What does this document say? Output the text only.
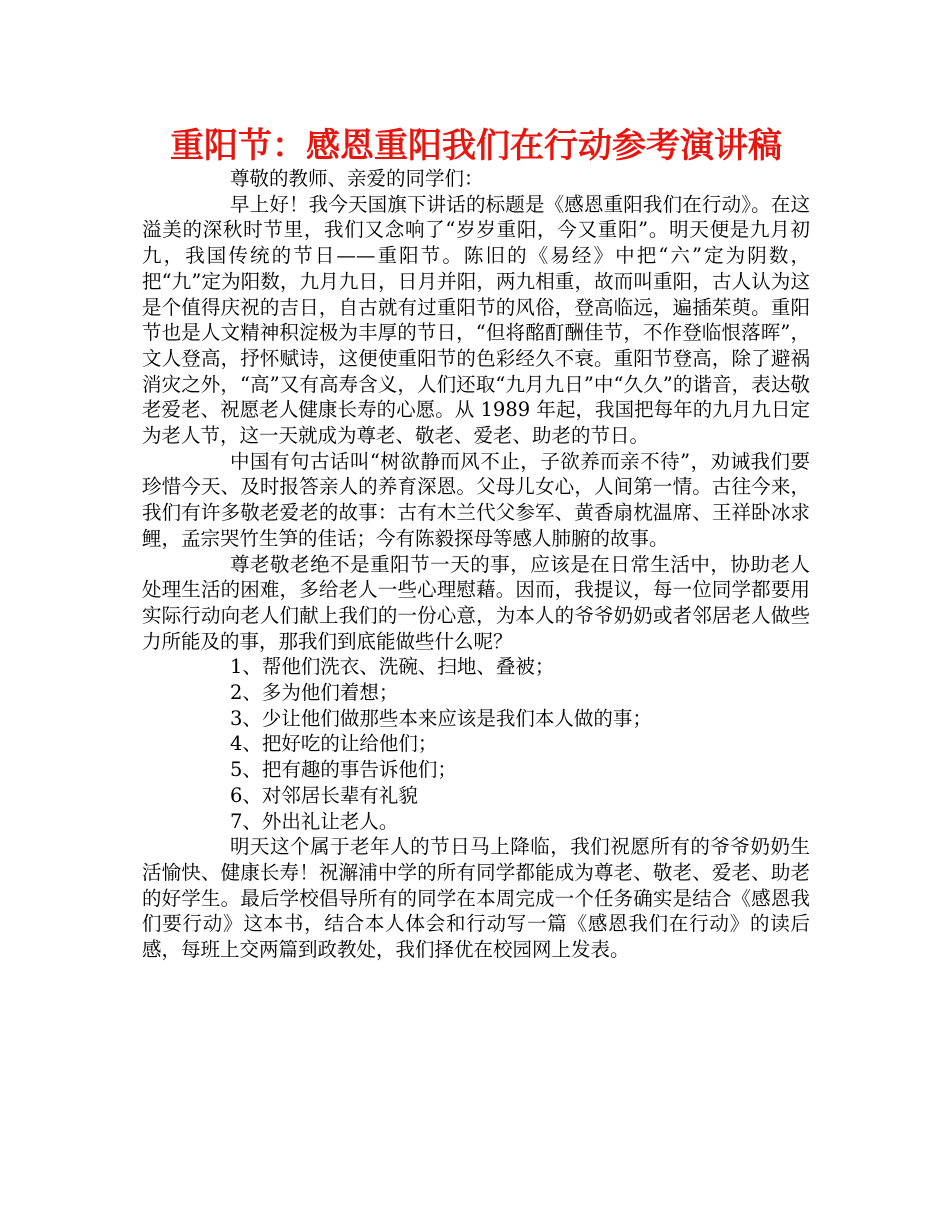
重阳节：感恩重阳我们在行动参考演讲稿

尊敬的教师、亲爱的同学们：

早上好！我今天国旗下讲话的标题是《感恩重阳我们在行动》。在这溢美的深秋时节里，我们又念响了“岁岁重阳，今又重阳”。明天便是九月初九，我国传统的节日——重阳节。陈旧的《易经》中把“六”定为阴数，把“九”定为阳数，九月九日，日月并阳，两九相重，故而叫重阳，古人认为这是个值得庆祝的吉日，自古就有过重阳节的风俗，登高临远，遍插茱萸。重阳节也是人文精神积淀极为丰厚的节日，“但将酩酊酬佳节，不作登临恨落晖”，文人登高，抒怀赋诗，这便使重阳节的色彩经久不衰。重阳节登高，除了避祸消灾之外，“高”又有高寿含义，人们还取“九月九日”中“久久”的谐音，表达敬老爱老、祝愿老人健康长寿的心愿。从 1989 年起，我国把每年的九月九日定为老人节，这一天就成为尊老、敬老、爱老、助老的节日。

中国有句古话叫“树欲静而风不止，子欲养而亲不待”，劝诫我们要珍惜今天、及时报答亲人的养育深恩。父母儿女心，人间第一情。古往今来，我们有许多敬老爱老的故事：古有木兰代父参军、黄香扇枕温席、王祥卧冰求鲤，孟宗哭竹生笋的佳话；今有陈毅探母等感人肺腑的故事。

尊老敬老绝不是重阳节一天的事，应该是在日常生活中，协助老人处理生活的困难，多给老人一些心理慰藉。因而，我提议，每一位同学都要用实际行动向老人们献上我们的一份心意，为本人的爷爷奶奶或者邻居老人做些力所能及的事，那我们到底能做些什么呢？

1、帮他们洗衣、洗碗、扫地、叠被；

2、多为他们着想；

3、少让他们做那些本来应该是我们本人做的事；

4、把好吃的让给他们；

5、把有趣的事告诉他们；

6、对邻居长辈有礼貌

7、外出礼让老人。

明天这个属于老年人的节日马上降临，我们祝愿所有的爷爷奶奶生活愉快、健康长寿！祝澥浦中学的所有同学都能成为尊老、敬老、爱老、助老的好学生。最后学校倡导所有的同学在本周完成一个任务确实是结合《感恩我们要行动》这本书，结合本人体会和行动写一篇《感恩我们在行动》的读后感，每班上交两篇到政教处，我们择优在校园网上发表。
